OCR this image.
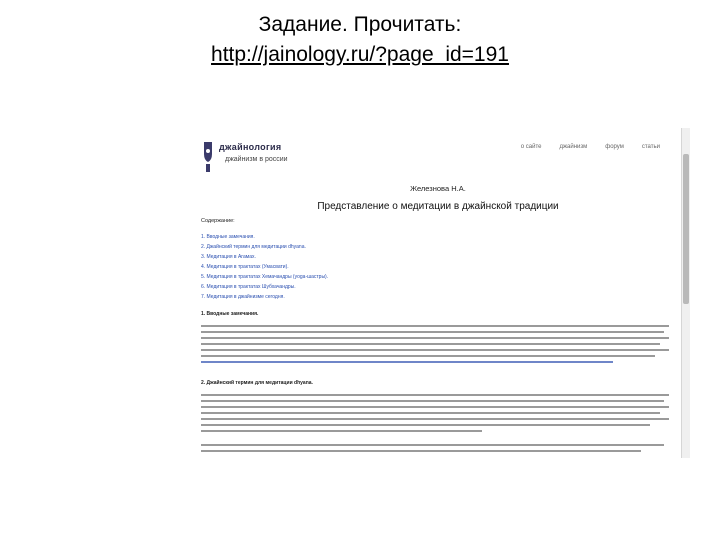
Задание. Прочитать:
http://jainology.ru/?page_id=191
джайнология
джайнизм в россии
о сайте	джайнизм	форум	статьи
Железнова Н.А.
Представление о медитации в джайнской традиции
Содержание:
1. Вводные замечания.
2. Джайнский термин для медитации dhyana.
3. Медитация в Агамах.
4. Медитация в трактатах (Умасвати).
5. Медитация в трактатах Хемачандры (yoga-шастры).
6. Медитация в трактатах Шубхачандры.
7. Медитация в джайнизме сегодня.
1. Вводные замечания.
2. Джайнский термин для медитации dhyana.
